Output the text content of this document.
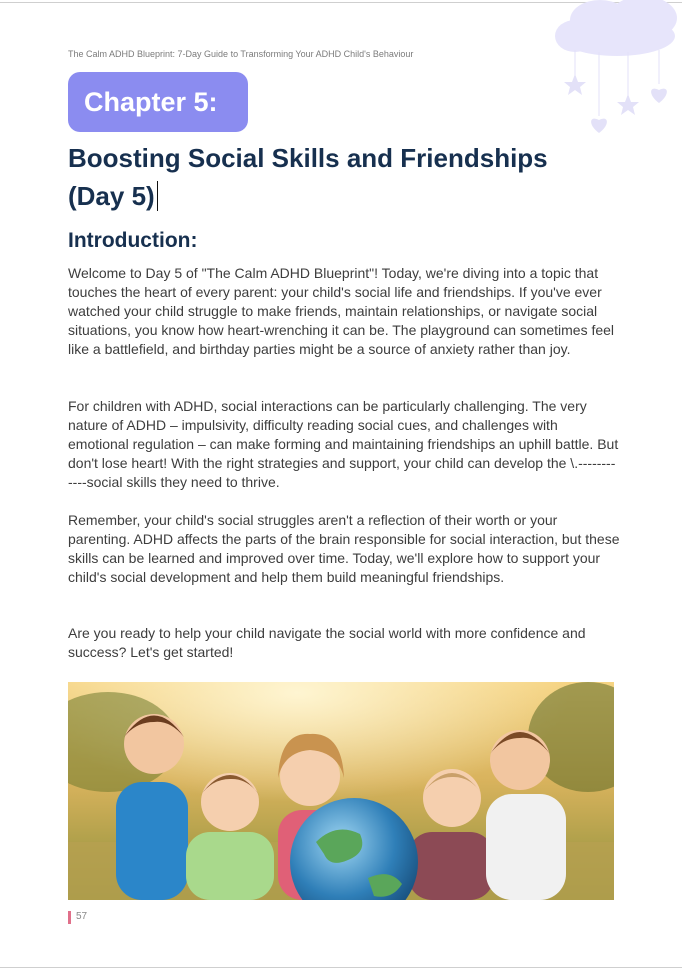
The Calm ADHD Blueprint: 7-Day Guide to Transforming Your ADHD Child's Behaviour
Chapter 5:
Boosting Social Skills and Friendships
(Day 5)
Introduction:

Welcome to Day 5 of "The Calm ADHD Blueprint"! Today, we're diving into a topic that touches the heart of every parent: your child's social life and friendships. If you've ever watched your child struggle to make friends, maintain relationships, or navigate social situations, you know how heart-wrenching it can be. The playground can sometimes feel like a battlefield, and birthday parties might be a source of anxiety rather than joy.

For children with ADHD, social interactions can be particularly challenging. The very nature of ADHD – impulsivity, difficulty reading social cues, and challenges with emotional regulation – can make forming and maintaining friendships an uphill battle. But don't lose heart! With the right strategies and support, your child can develop the \.------------social skills they need to thrive.

Remember, your child's social struggles aren't a reflection of their worth or your parenting. ADHD affects the parts of the brain responsible for social interaction, but these skills can be learned and improved over time. Today, we'll explore how to support your child's social development and help them build meaningful friendships.

Are you ready to help your child navigate the social world with more confidence and success? Let's get started!

57
